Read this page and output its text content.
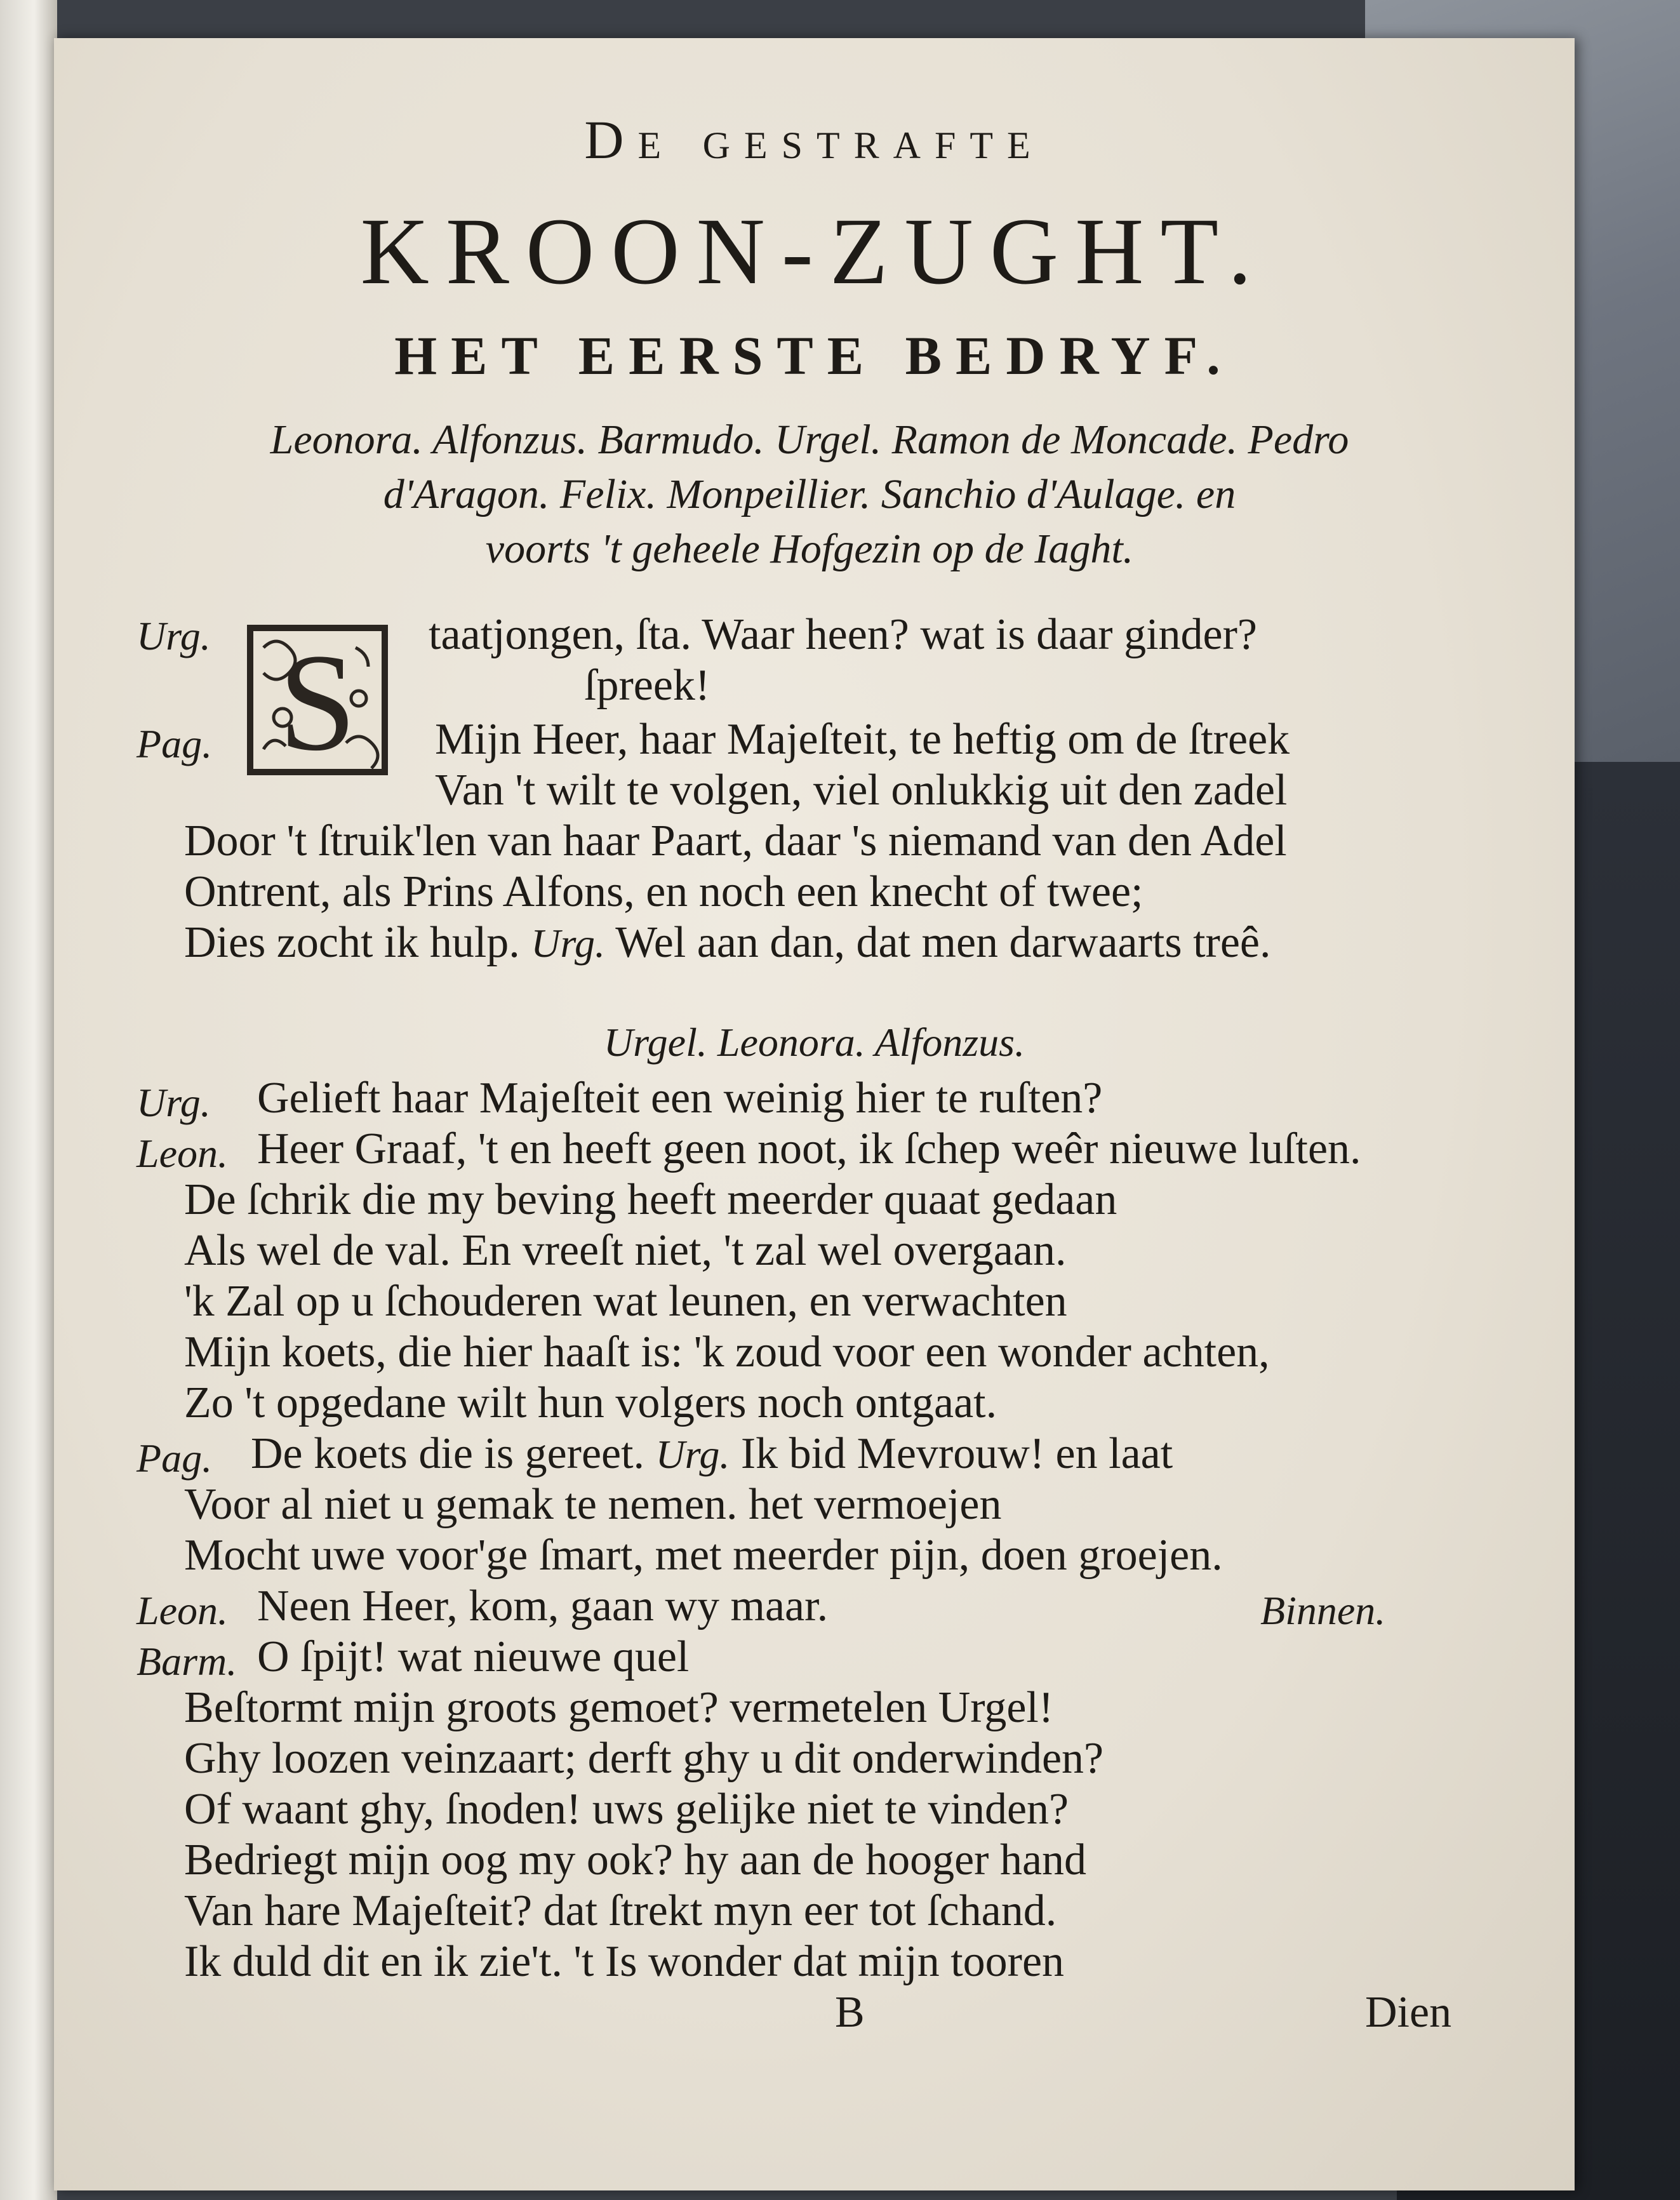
De gestrafte
KROON-ZUGHT.
HET EERSTE BEDRYF.
Leonora. Alfonzus. Barmudo. Urgel. Ramon de Moncade. Pedro
d'Aragon. Felix. Monpeillier. Sanchio d'Aulage. en
voorts 't geheele Hofgezin op de Iaght.
S
Urg.	taatjongen, ſta. Waar heen? wat is daar ginder?
ſpreek!
Pag.	Mijn Heer, haar Majeſteit, te heftig om de ſtreek
Van 't wilt te volgen, viel onlukkig uit den zadel
Door 't ſtruik'len van haar Paart, daar 's niemand van den Adel
Ontrent, als Prins Alfons, en noch een knecht of twee;
Dies zocht ik hulp. Urg. Wel aan dan, dat men darwaarts treê.
Urgel. Leonora. Alfonzus.
Urg. Gelieft haar Majeſteit een weinig hier te ruſten?
Leon. Heer Graaf, 't en heeft geen noot, ik ſchep weêr nieuwe luſten.
De ſchrik die my beving heeft meerder quaat gedaan
Als wel de val. En vreeſt niet, 't zal wel overgaan.
'k Zal op u ſchouderen wat leunen, en verwachten
Mijn koets, die hier haaſt is: 'k zoud voor een wonder achten,
Zo 't opgedane wilt hun volgers noch ontgaat.
Pag. De koets die is gereet. Urg. Ik bid Mevrouw! en laat
Voor al niet u gemak te nemen. het vermoejen
Mocht uwe voor'ge ſmart, met meerder pijn, doen groejen.
Leon. Neen Heer, kom, gaan wy maar.	Binnen.
Barm. O ſpijt! wat nieuwe quel
Beſtormt mijn groots gemoet? vermetelen Urgel!
Ghy loozen veinzaart; derft ghy u dit onderwinden?
Of waant ghy, ſnoden! uws gelijke niet te vinden?
Bedriegt mijn oog my ook? hy aan de hooger hand
Van hare Majeſteit? dat ſtrekt myn eer tot ſchand.
Ik duld dit en ik zie't. 't Is wonder dat mijn tooren
B	Dien
